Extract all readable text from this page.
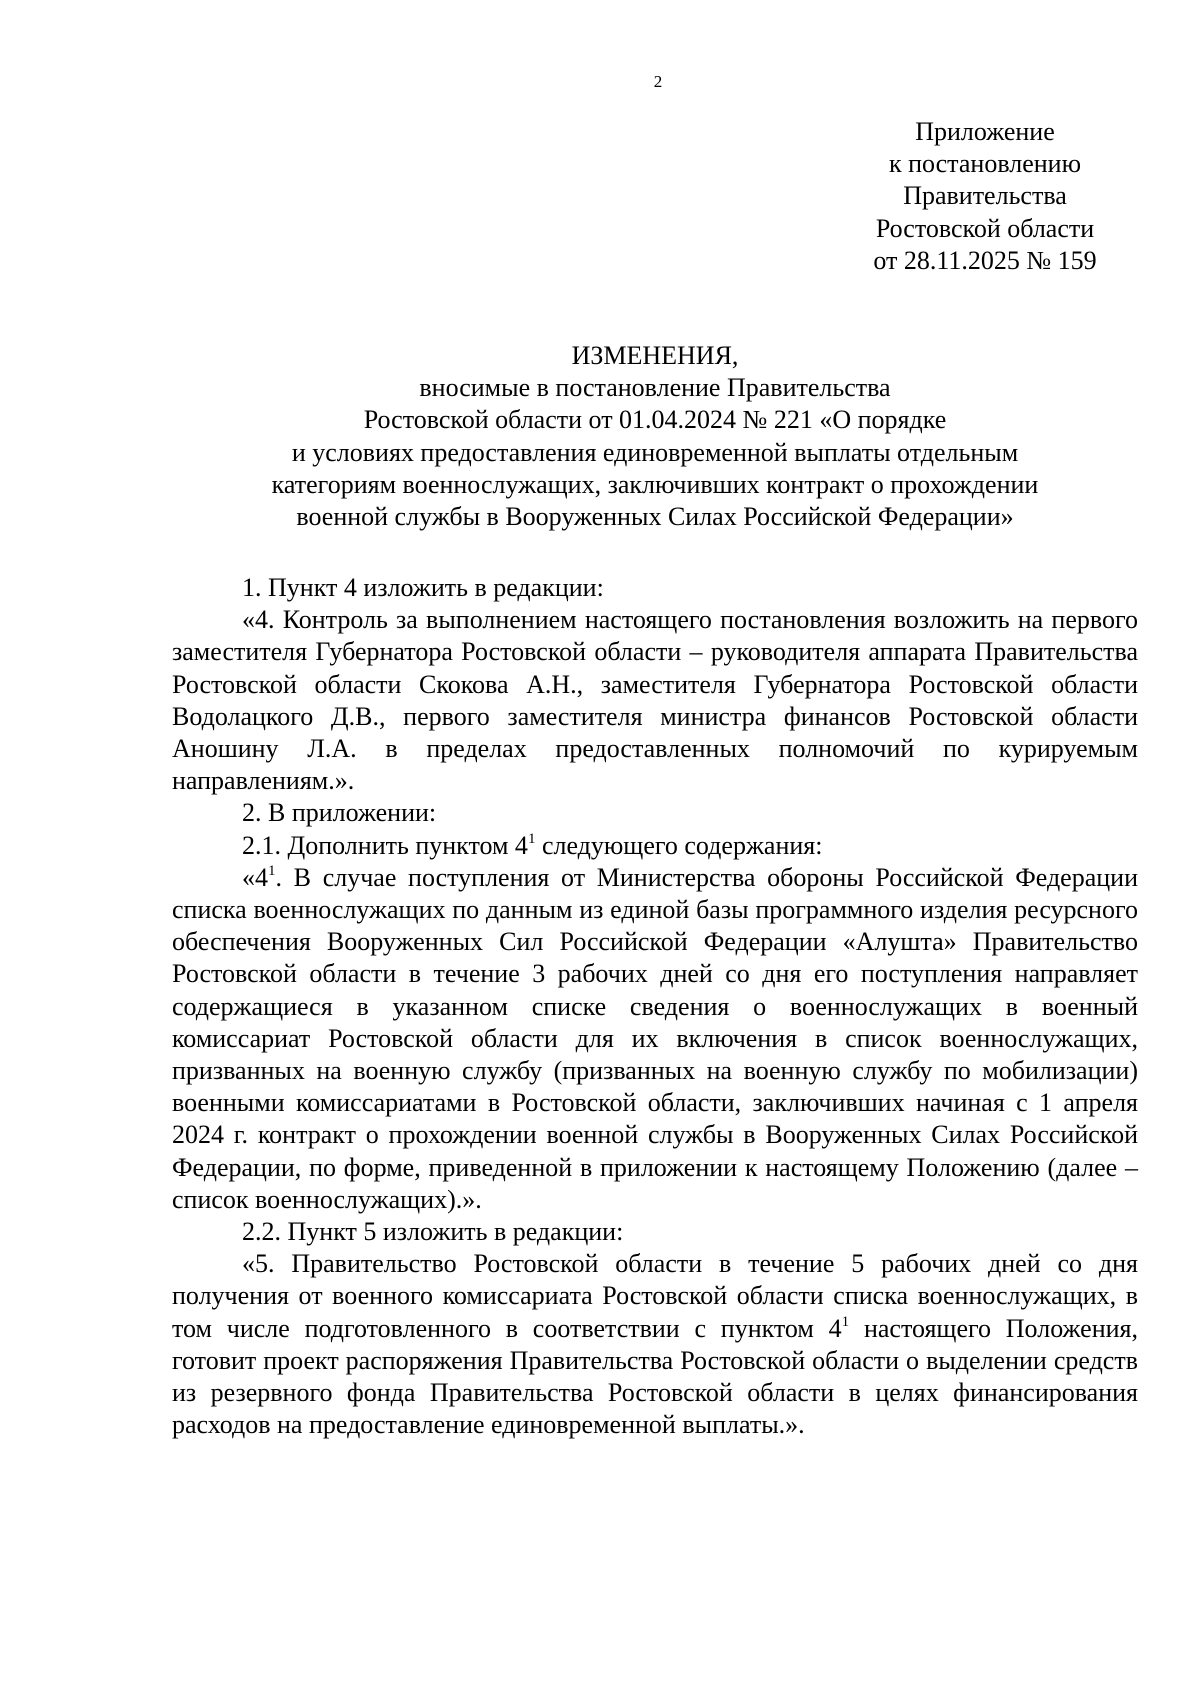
2
Приложение
к постановлению
Правительства
Ростовской области
от 28.11.2025 № 159
ИЗМЕНЕНИЯ,
вносимые в постановление Правительства
Ростовской области от 01.04.2024 № 221 «О порядке
и условиях предоставления единовременной выплаты отдельным
категориям военнослужащих, заключивших контракт о прохождении
военной службы в Вооруженных Силах Российской Федерации»

1. Пункт 4 изложить в редакции:

«4. Контроль за выполнением настоящего постановления возложить на первого заместителя Губернатора Ростовской области – руководителя аппарата Правительства Ростовской области Скокова А.Н., заместителя Губернатора Ростовской области Водолацкого Д.В., первого заместителя министра финансов Ростовской области Аношину Л.А. в пределах предоставленных полномочий по курируемым направлениям.».

2. В приложении:

2.1. Дополнить пунктом $4^1$ следующего содержания:

«$4^1$. В случае поступления от Министерства обороны Российской Федерации списка военнослужащих по данным из единой базы программного изделия ресурсного обеспечения Вооруженных Сил Российской Федерации «Алушта» Правительство Ростовской области в течение 3 рабочих дней со дня его поступления направляет содержащиеся в указанном списке сведения о военнослужащих в военный комиссариат Ростовской области для их включения в список военнослужащих, призванных на военную службу (призванных на военную службу по мобилизации) военными комиссариатами в Ростовской области, заключивших начиная с 1 апреля 2024 г. контракт о прохождении военной службы в Вооруженных Силах Российской Федерации, по форме, приведенной в приложении к настоящему Положению (далее – список военнослужащих).».

2.2. Пункт 5 изложить в редакции:

«5. Правительство Ростовской области в течение 5 рабочих дней со дня получения от военного комиссариата Ростовской области списка военнослужащих, в том числе подготовленного в соответствии с пунктом $4^1$ настоящего Положения, готовит проект распоряжения Правительства Ростовской области о выделении средств из резервного фонда Правительства Ростовской области в целях финансирования расходов на предоставление единовременной выплаты.».
